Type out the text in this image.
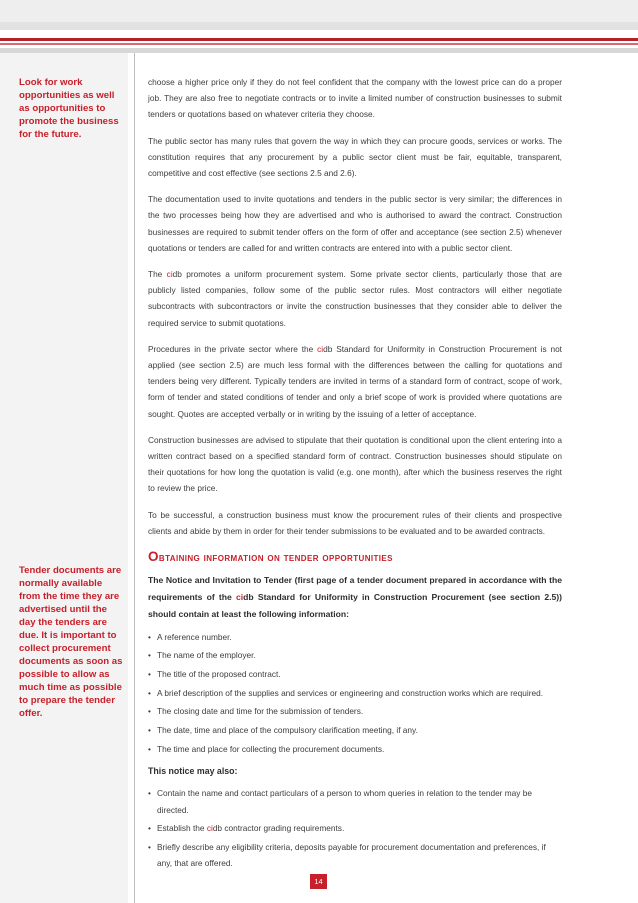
Look for work opportunities as well as opportunities to promote the business for the future.
Tender documents are normally available from the time they are advertised until the day the tenders are due. It is important to collect procurement documents as soon as possible to allow as much time as possible to prepare the tender offer.

choose a higher price only if they do not feel confident that the company with the lowest price can do a proper job. They are also free to negotiate contracts or to invite a limited number of construction businesses to submit tenders or quotations based on whatever criteria they choose.

The public sector has many rules that govern the way in which they can procure goods, services or works. The constitution requires that any procurement by a public sector client must be fair, equitable, transparent, competitive and cost effective (see sections 2.5 and 2.6).

The documentation used to invite quotations and tenders in the public sector is very similar; the differences in the two processes being how they are advertised and who is authorised to award the contract. Construction businesses are required to submit tender offers on the form of offer and acceptance (see section 2.5) whenever quotations or tenders are called for and written contracts are entered into with a public sector client.

The cidb promotes a uniform procurement system. Some private sector clients, particularly those that are publicly listed companies, follow some of the public sector rules. Most contractors will either negotiate subcontracts with subcontractors or invite the construction businesses that they consider able to deliver the required service to submit quotations.

Procedures in the private sector where the cidb Standard for Uniformity in Construction Procurement is not applied (see section 2.5) are much less formal with the differences between the calling for quotations and tenders being very different. Typically tenders are invited in terms of a standard form of contract, scope of work, form of tender and stated conditions of tender and only a brief scope of work is provided where quotations are sought. Quotes are accepted verbally or in writing by the issuing of a letter of acceptance.

Construction businesses are advised to stipulate that their quotation is conditional upon the client entering into a written contract based on a specified standard form of contract. Construction businesses should stipulate on their quotations for how long the quotation is valid (e.g. one month), after which the business reserves the right to review the price.

To be successful, a construction business must know the procurement rules of their clients and prospective clients and abide by them in order for their tender submissions to be evaluated and to be awarded contracts.

Obtaining information on tender opportunities
The Notice and Invitation to Tender (first page of a tender document prepared in accordance with the requirements of the cidb Standard for Uniformity in Construction Procurement (see section 2.5)) should contain at least the following information:
• A reference number.
• The name of the employer.
• The title of the proposed contract.
• A brief description of the supplies and services or engineering and construction works which are required.
• The closing date and time for the submission of tenders.
• The date, time and place of the compulsory clarification meeting, if any.
• The time and place for collecting the procurement documents.
This notice may also:
• Contain the name and contact particulars of a person to whom queries in relation to the tender may be directed.
• Establish the cidb contractor grading requirements.
• Briefly describe any eligibility criteria, deposits payable for procurement documentation and preferences, if any, that are offered.
14
